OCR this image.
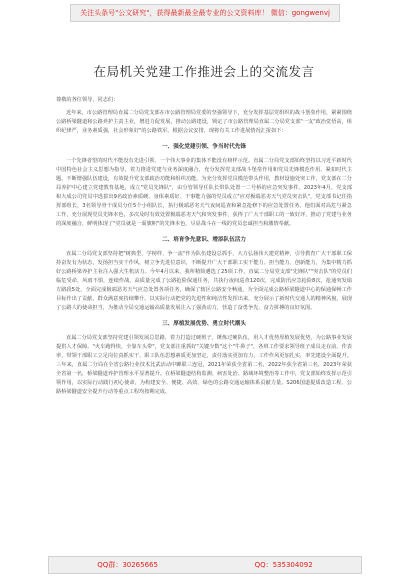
关注头条号"公文研究"，获得最新最全最专业的公文资料库！ 微信：gongwenvj
在局机关党建工作推进会上的交流发言

尊敬的各位领导，同志们：

近年来，市公路管理局直属二分局党支部在市公路管理局党委的坚强领导下，充分发挥基层党组织的战斗堡垒作用，紧紧围绕公路桥梁隧道和公路养护主责主业，增进力促发展，推动公路建设，锁定了市公路管理局直属二分局党支部"一支"政治觉悟高，组织纪律严，业务素质强，社会形象好"的公路铁军。根据会议安排，现将有关工作进展情况汇报如下：

一、强化党建引领、争当时代先锋

一个先锋者望的时代不能没有先进引领，一个伟大事业的集体不能没有榜样示范。直属二分局党支部始终坚持以习近平新时代中国特色社会主义思想为指导，着力推进党建与业务深度融合，充分发挥党支部战斗堡垒作用和党员先锋模范作用，紧扣时代主题，不断增强队伍建设，有效提升党支部政治功能和组织功能。为充分发挥党员模范带头作用，教材设施处突工作，党支部在二分局养护中心建立党建教育基地，成立"党员先锋队"，由分管领导任队长带队处置一二号桥的应急突发事件。2023年4月，党支部和大成公司党员中选拔出9名政治素质硬、身体素质好、干事能力强的党员成立"应对极端恶劣天气党员突击队"，党支部书记任指挥部组长，3名领导骨干成员分任5个小组队长，执行极端恶劣天气夜间巡查和紧急抢修下的应急处置任务。他们面对高危与紧急工作，充分展现党员先锋本色，多次及时有效处置极端恶劣天气和突发事件，获得了广大干部职工的一致好评，推动了党建与业务的深度融合，鲜明体现了"党员就是一面旗帜"的先锋本色，尽显战斗在一线的党员忠诚担当和激情奉献。

二、培育争先意识、增添队伍活力

直属二分局党支部坚持把"树典型、学榜样、争一流"作为队伍建设总抓手，大力弘扬伟大建党精神，引导教育广大干部职工保持奋发有为状态，发扬担当实干作风，树立争先进位意识，不断提升广大干部职工实干能力、担当能力、创新能力，为集中精力抓好公路桥梁养护主业注入强大生机活力。今年4月以来，我所精简遴选了25项工作，直属二分局党支部"先锋队""突击队"的党员们临危受命，风雨不惧，连续作战，高质量完成了公路抢险保通任务，共执行夜间巡查120次，完成防汛应急抢险8次，抢通突发塌方路段5处，全面完成极端恶劣天气应急处置各项任务，确保了辖区公路安全畅通，为全面完成公路桥梁隧道中心的保通保畅工作目标作出了贡献，群众满意度持续攀升。以实际行动把党的先进性和纯洁性发挥出来，充分展示了新时代交通人的精神风貌，展现了公路人的使命担当，为推动全局交通运输高质量发展注入了强劲动力，营造了奋勇争先、奋力拼搏的良好氛围。

三、厚植发展优势、勇立时代潮头

直属二分局党支部坚持党建引领发展总思路，着力打造过硬班子，锤炼过硬队伍，用人才优势厚植发展优势，为公路事业发展提供人才保障。"火车跑得快，全靠车头带"，党支部注重抓好"关键少数"这个"牛鼻子"，各班工作要求领导班子成员走在前、作表率，带领干部职工立足岗位真抓实干，职工队伍思想素质更加坚定，责任落实更加有力，工作作风更加扎实，率先建设全面提升。三年来，直属二分局在全省公路行业技术比武活动中蝉联三连冠，2021年荣获全省第二名，2022年获全省第三名，2023年荣获全省第一名，桥梁隧道养护管理水平显著提升。在桥梁隧道结构监测、病害处治、路域环境整治等工作中，党支部始终发挥示范引领作用，以实际行动践行初心使命，为构建安全、便捷、高效、绿色的公路交通运输体系贡献力量。S206国道提质改造工程、公路桥梁隧道安全提升行动等重点工程均按期完成。

QQ群：30265665	QQ：535304092
